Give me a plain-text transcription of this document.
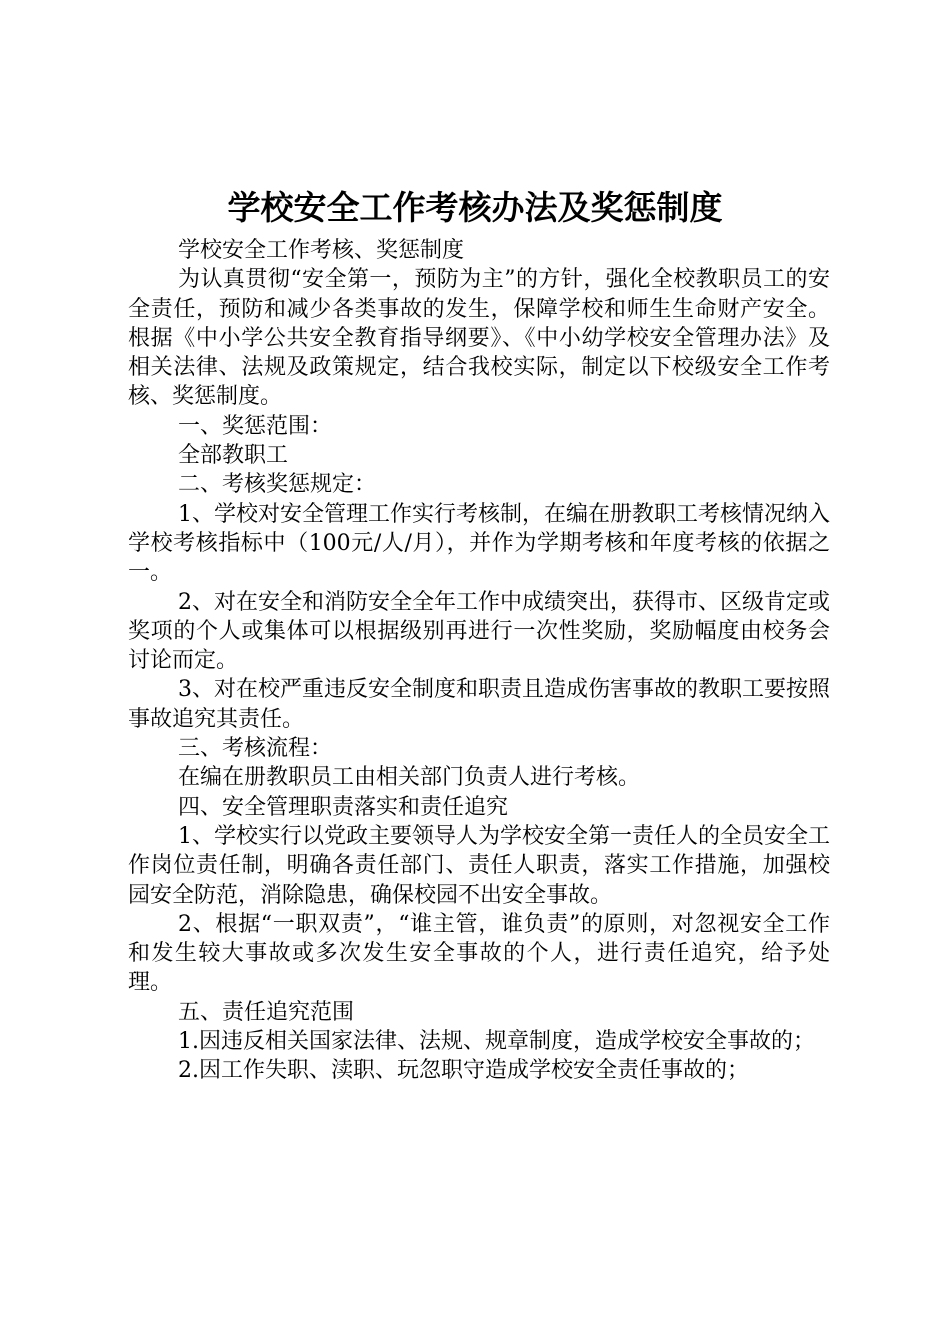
学校安全工作考核办法及奖惩制度

学校安全工作考核、奖惩制度

为认真贯彻“安全第一，预防为主”的方针，强化全校教职员工的安全责任，预防和减少各类事故的发生，保障学校和师生生命财产安全。根据《中小学公共安全教育指导纲要》、《中小幼学校安全管理办法》及相关法律、法规及政策规定，结合我校实际，制定以下校级安全工作考核、奖惩制度。

一、奖惩范围：

全部教职工

二、考核奖惩规定：

1、学校对安全管理工作实行考核制，在编在册教职工考核情况纳入学校考核指标中（100元/人/月），并作为学期考核和年度考核的依据之一。

2、对在安全和消防安全全年工作中成绩突出，获得市、区级肯定或奖项的个人或集体可以根据级别再进行一次性奖励，奖励幅度由校务会讨论而定。

3、对在校严重违反安全制度和职责且造成伤害事故的教职工要按照事故追究其责任。

三、考核流程：

在编在册教职员工由相关部门负责人进行考核。

四、安全管理职责落实和责任追究

1、学校实行以党政主要领导人为学校安全第一责任人的全员安全工作岗位责任制，明确各责任部门、责任人职责，落实工作措施，加强校园安全防范，消除隐患，确保校园不出安全事故。

2、根据“一职双责”，“谁主管，谁负责”的原则，对忽视安全工作和发生较大事故或多次发生安全事故的个人，进行责任追究，给予处理。

五、责任追究范围

1.因违反相关国家法律、法规、规章制度，造成学校安全事故的；

2.因工作失职、渎职、玩忽职守造成学校安全责任事故的；
